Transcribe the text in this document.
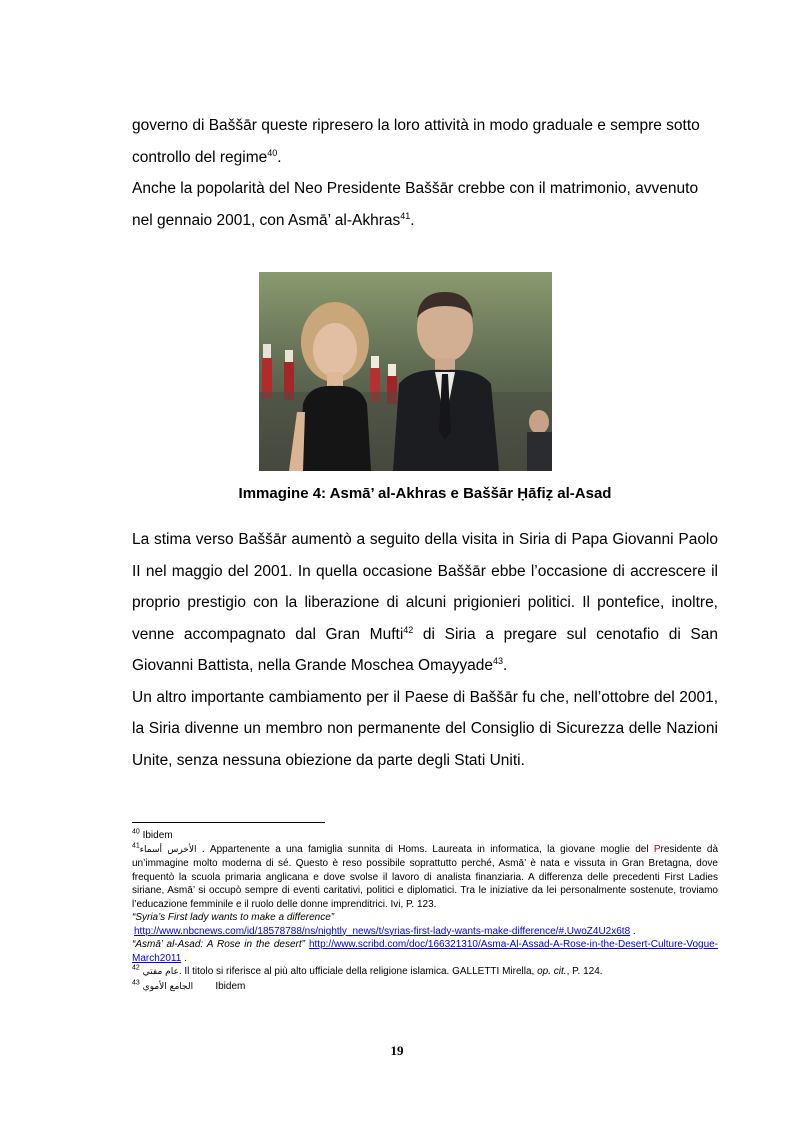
governo di Baššār queste ripresero la loro attività in modo graduale e sempre sotto

controllo del regime$^{40}$.

Anche la popolarità del Neo Presidente Baššār crebbe con il matrimonio, avvenuto

nel gennaio 2001, con Asmā’ al-Akhras$^{41}$.

Immagine 4: Asmā’ al-Akhras e Baššār Ḥāfiẓ al-Asad

La stima verso Baššār aumentò a seguito della visita in Siria di Papa Giovanni Paolo II nel maggio del 2001. In quella occasione Baššār ebbe l’occasione di accrescere il proprio prestigio con la liberazione di alcuni prigionieri politici. Il pontefice, inoltre, venne accompagnato dal Gran Mufti$^{42}$ di Siria a pregare sul cenotafio di San Giovanni Battista, nella Grande Moschea Omayyade$^{43}$.

Un altro importante cambiamento per il Paese di Baššār fu che, nell’ottobre del 2001, la Siria divenne un membro non permanente del Consiglio di Sicurezza delle Nazioni Unite, senza nessuna obiezione da parte degli Stati Uniti.

$^{40}$ Ibidem

$^{41}$ الأخرس أسماء. Appartenente a una famiglia sunnita di Homs. Laureata in informatica, la giovane moglie del Presidente dà un’immagine molto moderna di sé. Questo è reso possibile soprattutto perché, Asmā’ è nata e vissuta in Gran Bretagna, dove frequentò la scuola primaria anglicana e dove svolse il lavoro di analista finanziaria. A differenza delle precedenti First Ladies siriane, Asmā’ si occupò sempre di eventi caritativi, politici e diplomatici. Tra le iniziative da lei personalmente sostenute, troviamo l’educazione femminile e il ruolo delle donne imprenditrici. Ivi, P. 123.

“Syria’s First lady wants to make a difference”

http://www.nbcnews.com/id/18578788/ns/nightly_news/t/syrias-first-lady-wants-make-difference/#.UwoZ4U2x6t8 .

“Asmā’ al-Asad: A Rose in the desert” http://www.scribd.com/doc/166321310/Asma-Al-Assad-A-Rose-in-the-Desert-Culture-Vogue-March2011 .

$^{42}$ عام مفتي. Il titolo si riferisce al più alto ufficiale della religione islamica. GALLETTI Mirella, op. cit., P. 124.

$^{43}$ الجامع الأموي        Ibidem

19
